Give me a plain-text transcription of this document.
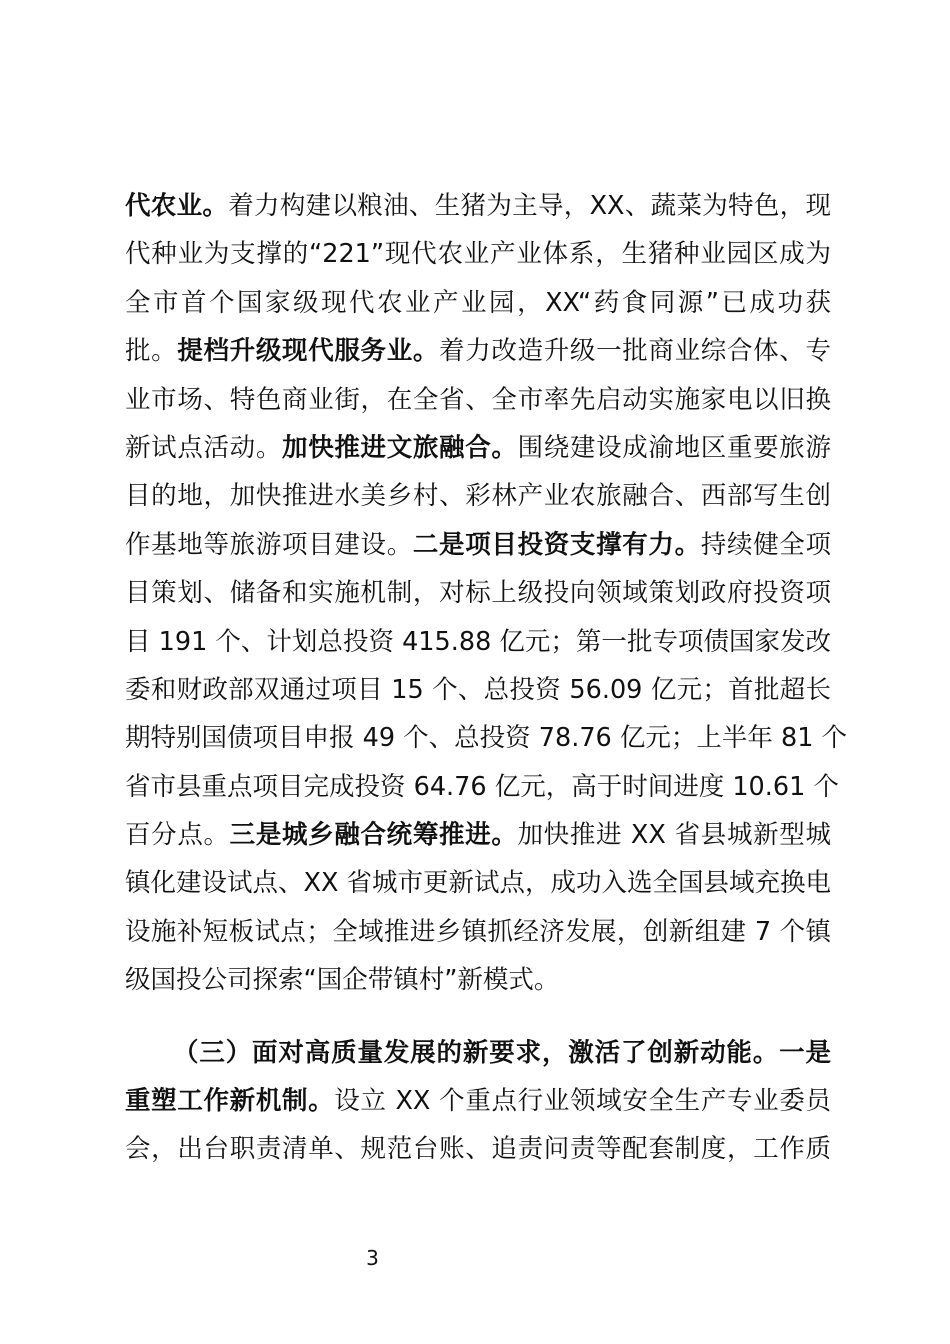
代农业。着力构建以粮油、生猪为主导，XX、蔬菜为特色，现
代种业为支撑的“221”现代农业产业体系，生猪种业园区成为
全市首个国家级现代农业产业园，XX“药食同源”已成功获
批。提档升级现代服务业。着力改造升级一批商业综合体、专
业市场、特色商业街，在全省、全市率先启动实施家电以旧换
新试点活动。加快推进文旅融合。围绕建设成渝地区重要旅游
目的地，加快推进水美乡村、彩林产业农旅融合、西部写生创
作基地等旅游项目建设。二是项目投资支撑有力。持续健全项
目策划、储备和实施机制，对标上级投向领域策划政府投资项
目 191 个、计划总投资 415.88 亿元；第一批专项债国家发改
委和财政部双通过项目 15 个、总投资 56.09 亿元；首批超长
期特别国债项目申报 49 个、总投资 78.76 亿元；上半年 81 个
省市县重点项目完成投资 64.76 亿元，高于时间进度 10.61 个
百分点。三是城乡融合统筹推进。加快推进 XX 省县城新型城
镇化建设试点、XX 省城市更新试点，成功入选全国县域充换电
设施补短板试点；全域推进乡镇抓经济发展，创新组建 7 个镇
级国投公司探索“国企带镇村”新模式。
（三）面对高质量发展的新要求，激活了创新动能。一是
重塑工作新机制。设立 XX 个重点行业领域安全生产专业委员
会，出台职责清单、规范台账、追责问责等配套制度，工作质
3
